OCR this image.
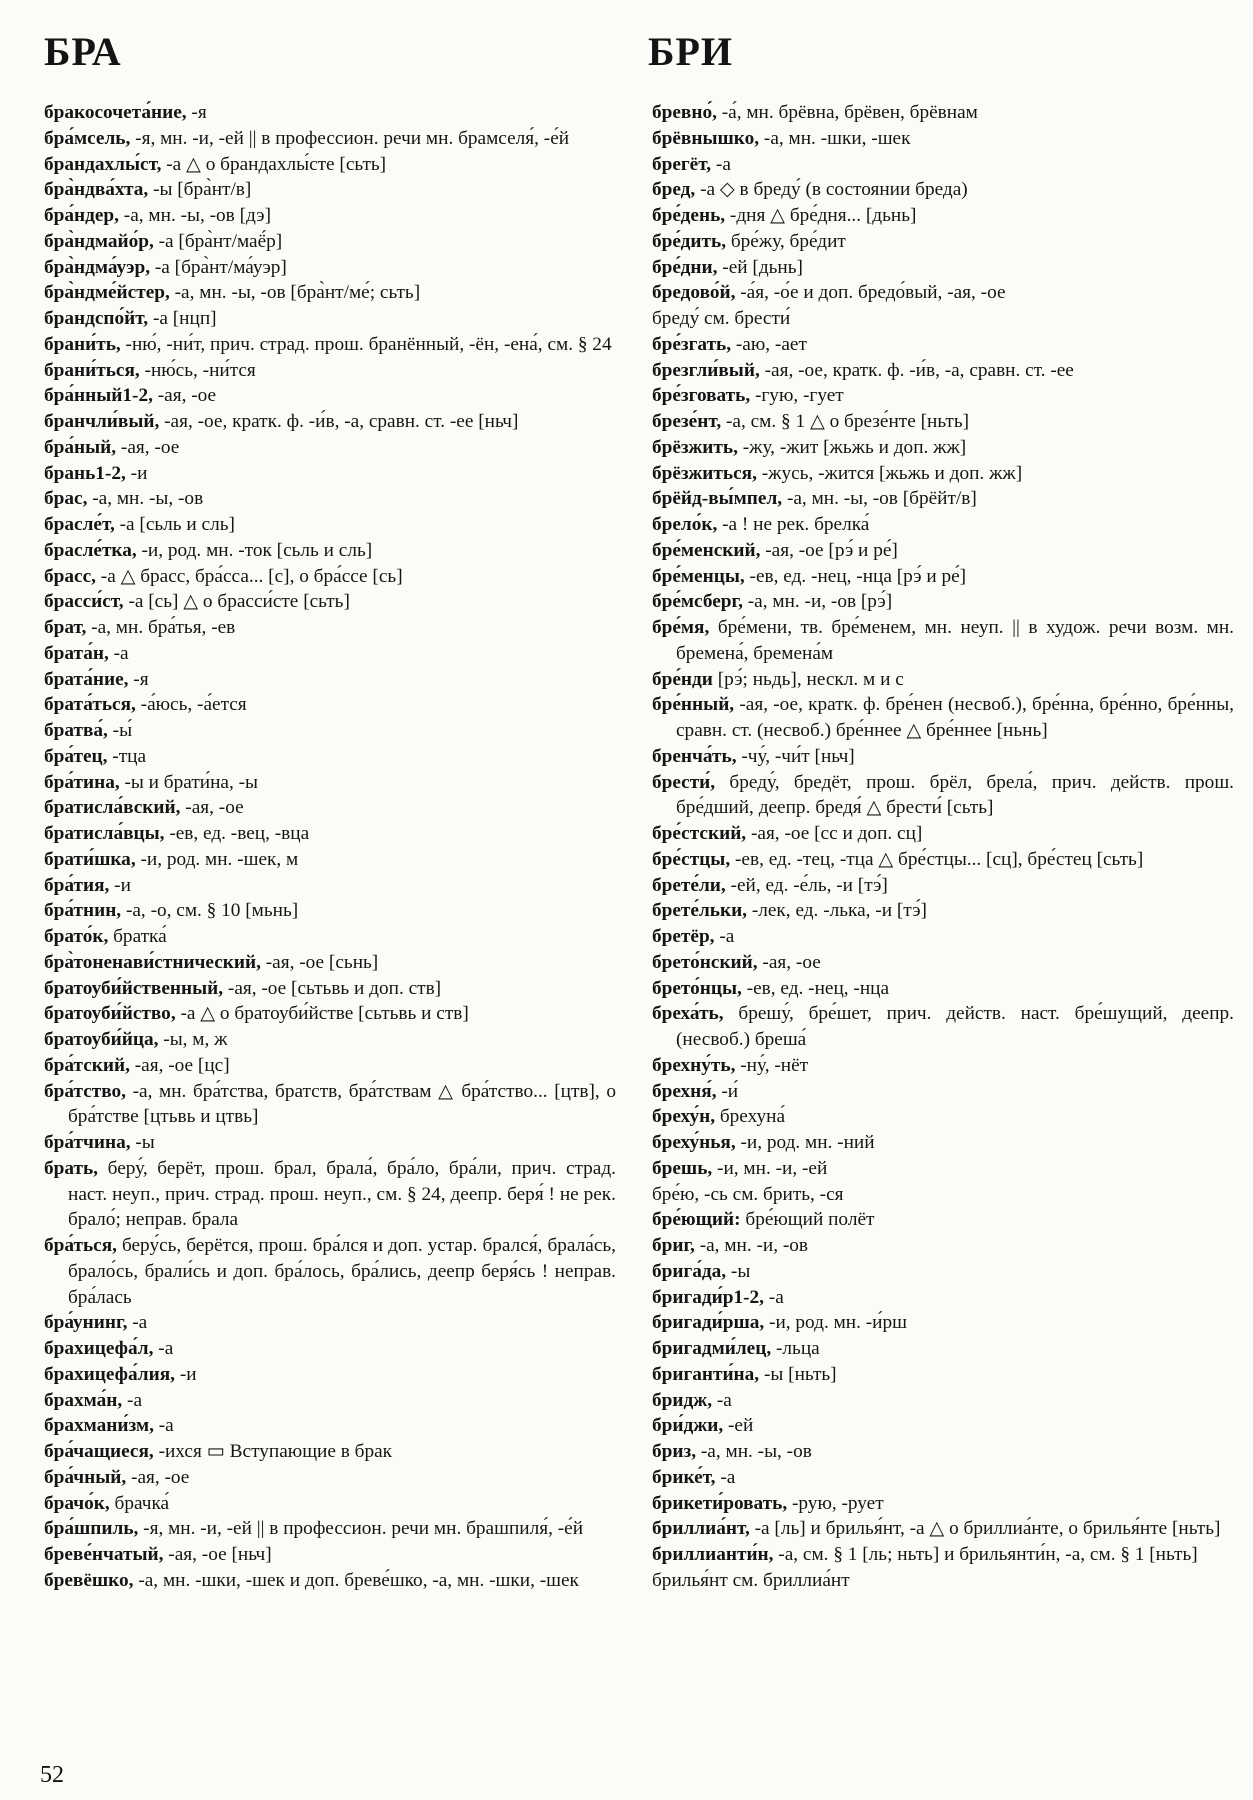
БРА	БРИ
бракосочета́ние, -я
бра́мсель, -я, мн. -и, -ей || в профессион. речи мн. брамселя́, -е́й
брандахлы́ст, -а △ о брандахлы́сте [сьть]
бра̀ндва́хта, -ы [бра̀нт/в]
бра́ндер, -а, мн. -ы, -ов [дэ]
бра̀ндмайо́р, -а [бра̀нт/маё́р]
бра̀ндма́уэр, -а [бра̀нт/ма́уэр]
бра̀ндме́йстер, -а, мн. -ы, -ов [бра̀нт/ме́; сьть]
брандспо́йт, -а [нцп]
брани́ть, -ню́, -ни́т, прич. страд. прош. бранённый, -ён, -ена́, см. § 24
брани́ться, -ню́сь, -ни́тся
бра́нный1-2, -ая, -ое
бранчли́вый, -ая, -ое, кратк. ф. -и́в, -а, сравн. ст. -ее [ньч]
бра́ный, -ая, -ое
брань1-2, -и
брас, -а, мн. -ы, -ов
брасле́т, -а [сьль и сль]
брасле́тка, -и, род. мн. -ток [сьль и сль]
брасс, -а △ брасс, бра́сса... [с], о бра́ссе [сь]
брасси́ст, -а [сь] △ о брасси́сте [сьть]
брат, -а, мн. бра́тья, -ев
брата́н, -а
брата́ние, -я
брата́ться, -а́юсь, -а́ется
братва́, -ы́
бра́тец, -тца
бра́тина, -ы и брати́на, -ы
братисла́вский, -ая, -ое
братисла́вцы, -ев, ед. -вец, -вца
брати́шка, -и, род. мн. -шек, м
бра́тия, -и
бра́тнин, -а, -о, см. § 10 [мьнь]
брато́к, братка́
бра̀тоненави́стнический, -ая, -ое [сьнь]
братоуби́йственный, -ая, -ое [сьтьвь и доп. ств]
братоуби́йство, -а △ о братоуби́йстве [сьтьвь и ств]
братоуби́йца, -ы, м, ж
бра́тский, -ая, -ое [цс]
бра́тство, -а, мн. бра́тства, братств, бра́тствам △ бра́тство... [цтв], о бра́тстве [цтьвь и цтвь]
бра́тчина, -ы
брать, беру́, берёт, прош. брал, брала́, бра́ло, бра́ли, прич. страд. наст. неуп., прич. страд. прош. неуп., см. § 24, деепр. беря́ ! не рек. брало́; неправ. брала
бра́ться, беру́сь, берётся, прош. бра́лся и доп. устар. брался́, брала́сь, брало́сь, брали́сь и доп. бра́лось, бра́лись, деепр беря́сь ! неправ. бра́лась
бра́унинг, -а
брахицефа́л, -а
брахицефа́лия, -и
брахма́н, -а
брахмани́зм, -а
бра́чащиеся, -ихся ▭ Вступающие в брак
бра́чный, -ая, -ое
брачо́к, брачка́
бра́шпиль, -я, мн. -и, -ей || в профессион. речи мн. брашпиля́, -е́й
бреве́нчатый, -ая, -ое [ньч]
бревёшко, -а, мн. -шки, -шек и доп. бреве́шко, -а, мн. -шки, -шек
бревно́, -а́, мн. брёвна, брёвен, брёвнам
брёвнышко, -а, мн. -шки, -шек
брегёт, -а
бред, -а ◇ в бреду́ (в состоянии бреда)
бре́день, -дня △ бре́дня... [дьнь]
бре́дить, бре́жу, бре́дит
бре́дни, -ей [дьнь]
бредово́й, -а́я, -о́е и доп. бредо́вый, -ая, -ое
бреду́ см. брести́
бре́згать, -аю, -ает
брезгли́вый, -ая, -ое, кратк. ф. -и́в, -а, сравн. ст. -ее
бре́зговать, -гую, -гует
брезе́нт, -а, см. § 1 △ о брезе́нте [ньть]
брёзжить, -жу, -жит [жьжь и доп. жж]
брёзжиться, -жусь, -жится [жьжь и доп. жж]
брёйд-вы́мпел, -а, мн. -ы, -ов [брёйт/в]
брело́к, -а ! не рек. брелка́
бре́менский, -ая, -ое [рэ́ и ре́]
бре́менцы, -ев, ед. -нец, -нца [рэ́ и ре́]
бре́мсберг, -а, мн. -и, -ов [рэ́]
бре́мя, бре́мени, тв. бре́менем, мн. неуп. || в худож. речи возм. мн. бремена́, бремена́м
бре́нди [рэ́; ньдь], нескл. м и с
бре́нный, -ая, -ое, кратк. ф. бре́нен (несвоб.), бре́нна, бре́нно, бре́нны, сравн. ст. (несвоб.) бре́ннее △ бре́ннее [ньнь]
бренча́ть, -чу́, -чи́т [ньч]
брести́, бреду́, бредёт, прош. брёл, брела́, прич. действ. прош. бре́дший, деепр. бредя́ △ брести́ [сьть]
бре́стский, -ая, -ое [сс и доп. сц]
бре́стцы, -ев, ед. -тец, -тца △ бре́стцы... [сц], бре́стец [сьть]
брете́ли, -ей, ед. -е́ль, -и [тэ́]
брете́льки, -лек, ед. -лька, -и [тэ́]
бретёр, -а
брето́нский, -ая, -ое
брето́нцы, -ев, ед. -нец, -нца
бреха́ть, брешу́, бре́шет, прич. действ. наст. бре́шущий, деепр. (несвоб.) бреша́
брехну́ть, -ну́, -нёт
брехня́, -и́
бреху́н, брехуна́
бреху́нья, -и, род. мн. -ний
брешь, -и, мн. -и, -ей
бре́ю, -сь см. брить, -ся
бре́ющий: бре́ющий полёт
бриг, -а, мн. -и, -ов
брига́да, -ы
бригади́р1-2, -а
бригади́рша, -и, род. мн. -и́рш
бригадми́лец, -льца
бриганти́на, -ы [ньть]
бридж, -а
бри́джи, -ей
бриз, -а, мн. -ы, -ов
брике́т, -а
брикети́ровать, -рую, -рует
бриллиа́нт, -а [ль] и брилья́нт, -а △ о бриллиа́нте, о брилья́нте [ньть]
бриллианти́н, -а, см. § 1 [ль; ньть] и брильянти́н, -а, см. § 1 [ньть]
брилья́нт см. бриллиа́нт
52
